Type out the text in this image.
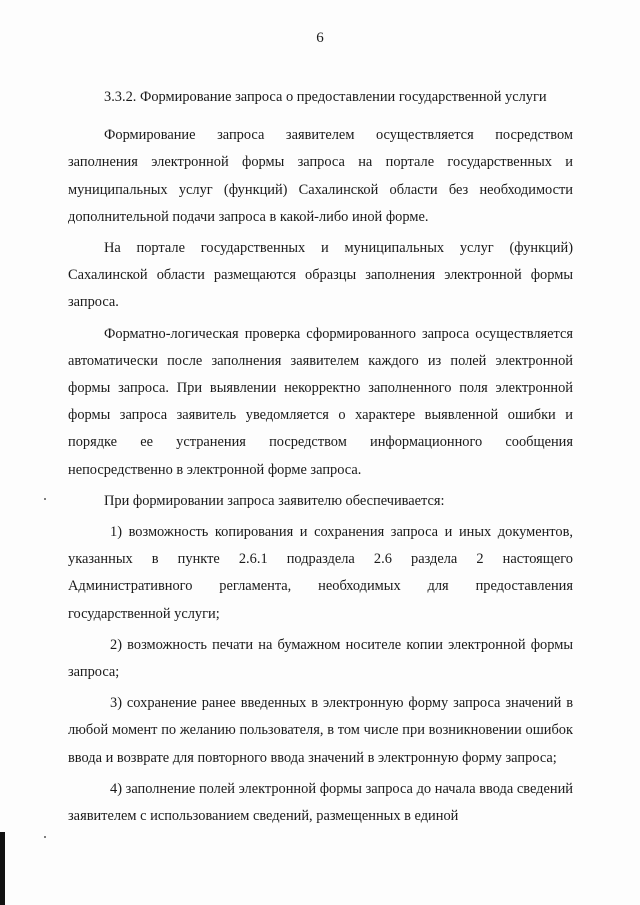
6

3.3.2. Формирование запроса о предоставлении государственной услуги

Формирование запроса заявителем осуществляется посредством заполнения электронной формы запроса на портале государственных и муниципальных услуг (функций) Сахалинской области без необходимости дополнительной подачи запроса в какой-либо иной форме.

На портале государственных и муниципальных услуг (функций) Сахалинской области размещаются образцы заполнения электронной формы запроса.

Форматно-логическая проверка сформированного запроса осуществляется автоматически после заполнения заявителем каждого из полей электронной формы запроса. При выявлении некорректно заполненного поля электронной формы запроса заявитель уведомляется о характере выявленной ошибки и порядке ее устранения посредством информационного сообщения непосредственно в электронной форме запроса.

При формировании запроса заявителю обеспечивается:

1) возможность копирования и сохранения запроса и иных документов, указанных в пункте 2.6.1 подраздела 2.6 раздела 2 настоящего Административного регламента, необходимых для предоставления государственной услуги;

2) возможность печати на бумажном носителе копии электронной формы запроса;

3) сохранение ранее введенных в электронную форму запроса значений в любой момент по желанию пользователя, в том числе при возникновении ошибок ввода и возврате для повторного ввода значений в электронную форму запроса;

4) заполнение полей электронной формы запроса до начала ввода сведений заявителем с использованием сведений, размещенных в единой
